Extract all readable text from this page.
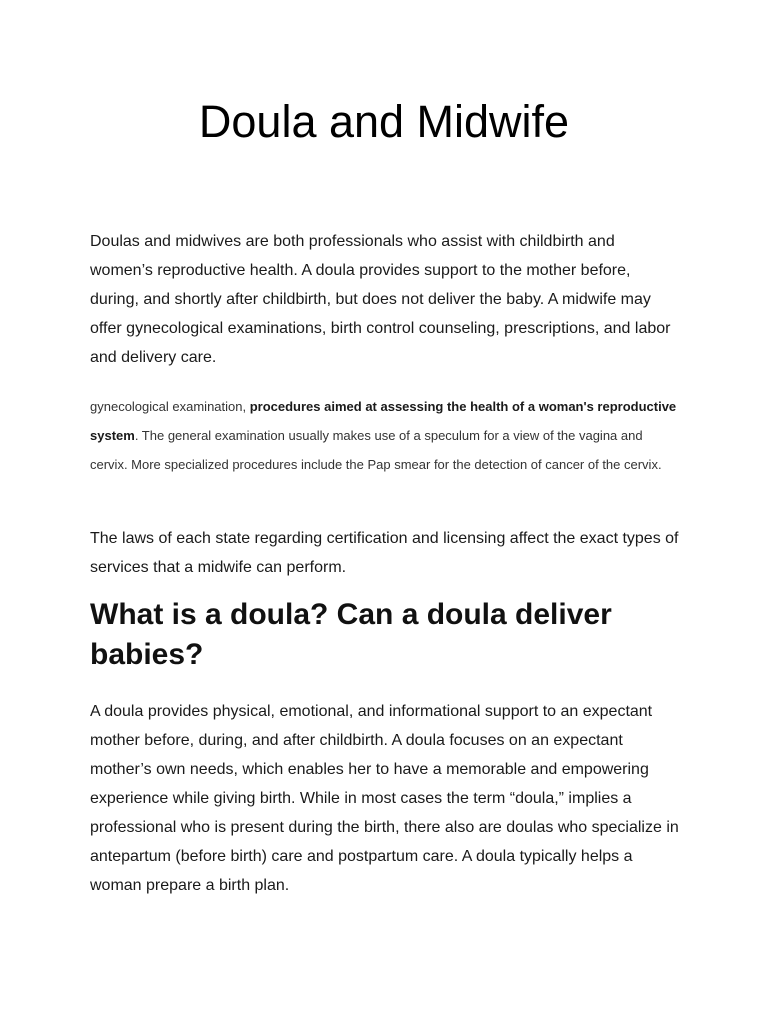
Doula and Midwife

Doulas and midwives are both professionals who assist with childbirth and women’s reproductive health. A doula provides support to the mother before, during, and shortly after childbirth, but does not deliver the baby. A midwife may offer gynecological examinations, birth control counseling, prescriptions, and labor and delivery care.

gynecological examination, procedures aimed at assessing the health of a woman's reproductive system. The general examination usually makes use of a speculum for a view of the vagina and cervix. More specialized procedures include the Pap smear for the detection of cancer of the cervix.

The laws of each state regarding certification and licensing affect the exact types of services that a midwife can perform.

What is a doula? Can a doula deliver babies?

A doula provides physical, emotional, and informational support to an expectant mother before, during, and after childbirth. A doula focuses on an expectant mother’s own needs, which enables her to have a memorable and empowering experience while giving birth. While in most cases the term “doula,” implies a professional who is present during the birth, there also are doulas who specialize in antepartum (before birth) care and postpartum care. A doula typically helps a woman prepare a birth plan.
